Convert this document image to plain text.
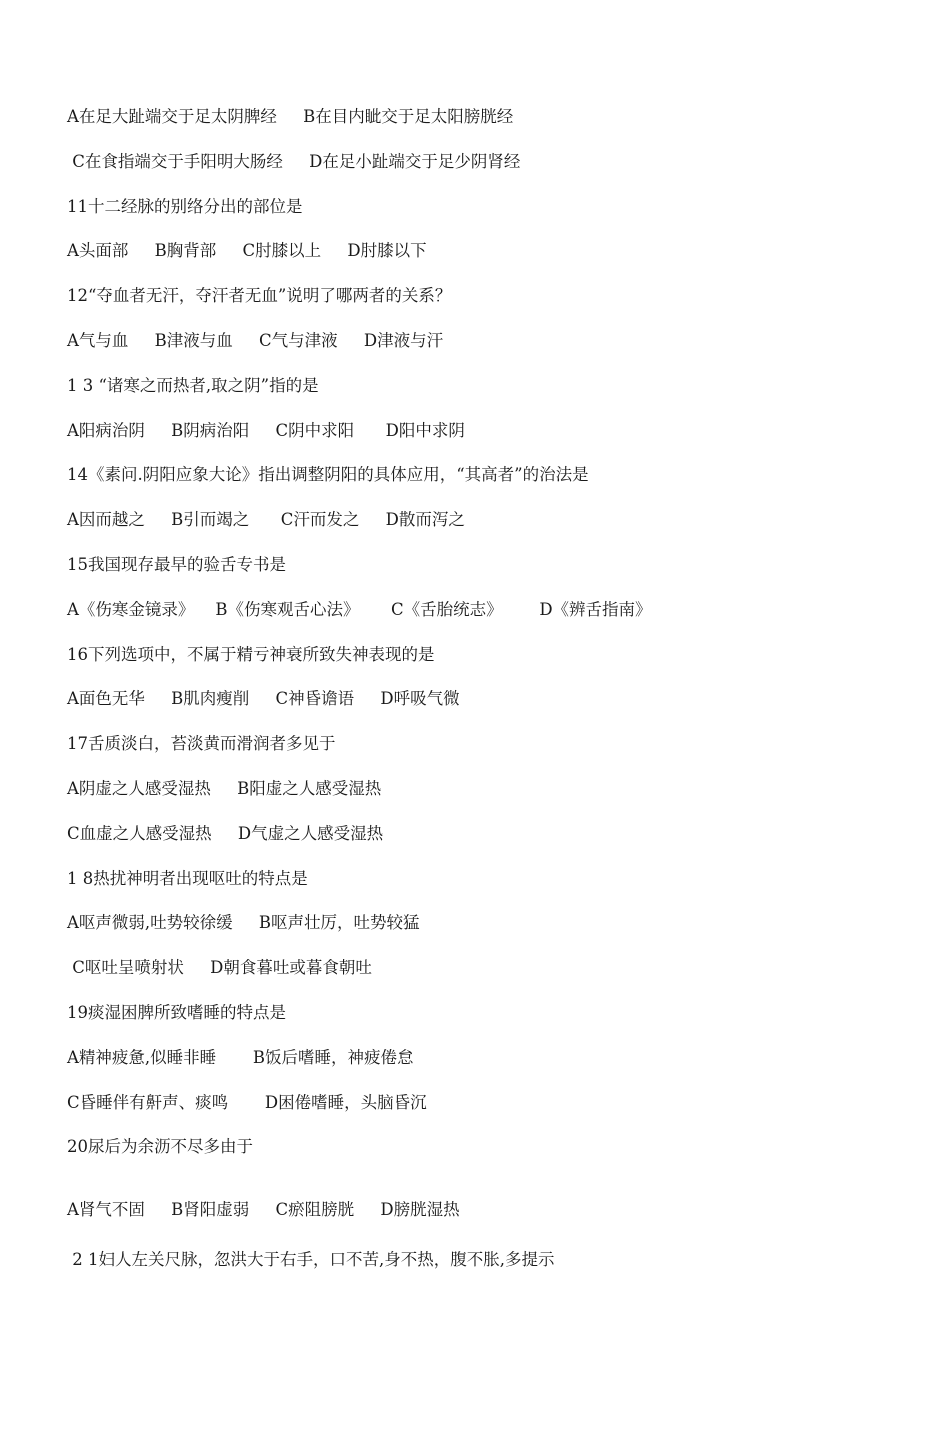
A在足大趾端交于足太阴脾经     B在目内眦交于足太阳膀胱经
C在食指端交于手阳明大肠经     D在足小趾端交于足少阴肾经
11十二经脉的别络分出的部位是
A头面部     B胸背部     C肘膝以上     D肘膝以下
12“夺血者无汗，夺汗者无血”说明了哪两者的关系？
A气与血     B津液与血     C气与津液     D津液与汗
1 3 “诸寒之而热者,取之阴”指的是
A阳病治阴     B阴病治阳     C阴中求阳      D阳中求阴
14《素问.阴阳应象大论》指出调整阴阳的具体应用，“其高者”的治法是
A因而越之     B引而竭之      C汗而发之     D散而泻之
15我国现存最早的验舌专书是
A《伤寒金镜录》    B《伤寒观舌心法》      C《舌胎统志》       D《辨舌指南》
16下列选项中，不属于精亏神衰所致失神表现的是
A面色无华     B肌肉瘦削     C神昏谵语     D呼吸气微
17舌质淡白，苔淡黄而滑润者多见于
A阴虚之人感受湿热     B阳虚之人感受湿热
C血虚之人感受湿热     D气虚之人感受湿热
1 8热扰神明者出现呕吐的特点是
A呕声微弱,吐势较徐缓     B呕声壮厉，吐势较猛
C呕吐呈喷射状     D朝食暮吐或暮食朝吐
19痰湿困脾所致嗜睡的特点是
A精神疲惫,似睡非睡       B饭后嗜睡，神疲倦怠
C昏睡伴有鼾声、痰鸣       D困倦嗜睡，头脑昏沉
20尿后为余沥不尽多由于
A肾气不固     B肾阳虚弱     C瘀阻膀胱     D膀胱湿热
2 1妇人左关尺脉，忽洪大于右手，口不苦,身不热，腹不胀,多提示
